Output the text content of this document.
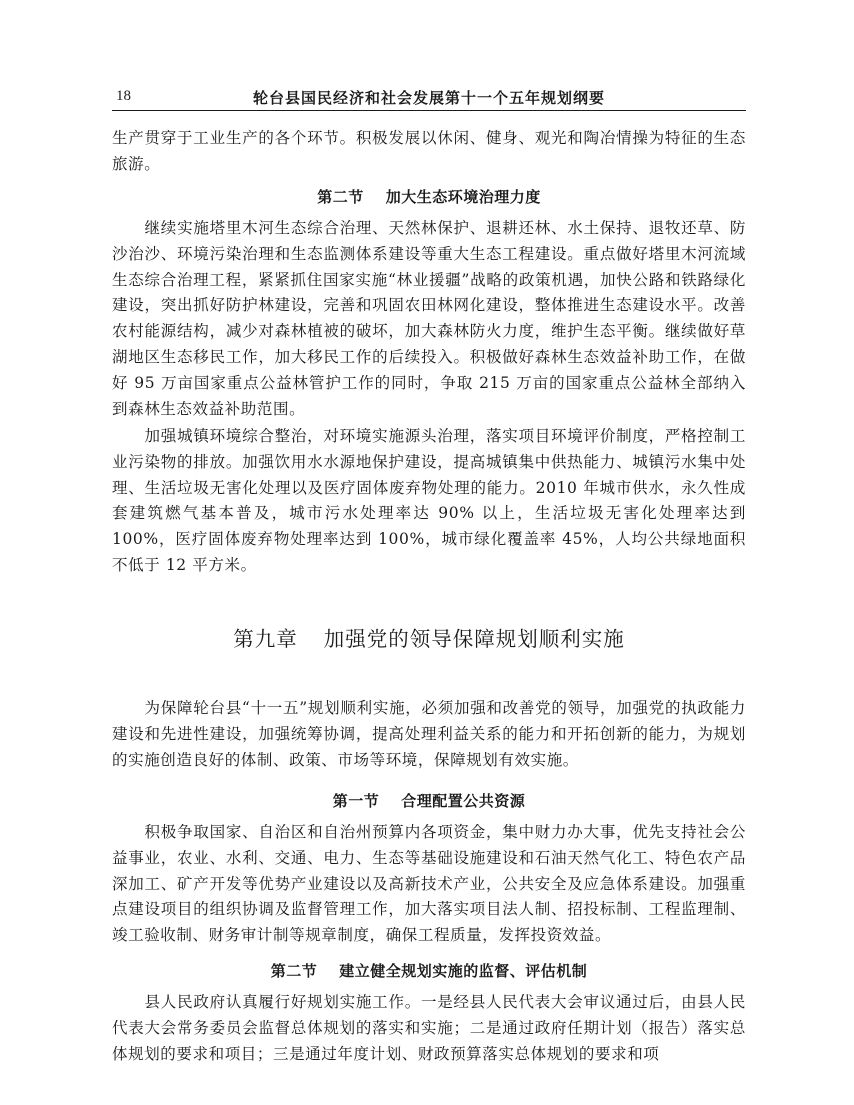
18	轮台县国民经济和社会发展第十一个五年规划纲要
生产贯穿于工业生产的各个环节。积极发展以休闲、健身、观光和陶冶情操为特征的生态旅游。
第二节 加大生态环境治理力度
继续实施塔里木河生态综合治理、天然林保护、退耕还林、水土保持、退牧还草、防沙治沙、环境污染治理和生态监测体系建设等重大生态工程建设。重点做好塔里木河流域生态综合治理工程，紧紧抓住国家实施“林业援疆”战略的政策机遇，加快公路和铁路绿化建设，突出抓好防护林建设，完善和巩固农田林网化建设，整体推进生态建设水平。改善农村能源结构，减少对森林植被的破坏，加大森林防火力度，维护生态平衡。继续做好草湖地区生态移民工作，加大移民工作的后续投入。积极做好森林生态效益补助工作，在做好 95 万亩国家重点公益林管护工作的同时，争取 215 万亩的国家重点公益林全部纳入到森林生态效益补助范围。
加强城镇环境综合整治，对环境实施源头治理，落实项目环境评价制度，严格控制工业污染物的排放。加强饮用水水源地保护建设，提高城镇集中供热能力、城镇污水集中处理、生活垃圾无害化处理以及医疗固体废弃物处理的能力。2010 年城市供水，永久性成套建筑燃气基本普及，城市污水处理率达 90% 以上，生活垃圾无害化处理率达到 100%，医疗固体废弃物处理率达到 100%，城市绿化覆盖率 45%，人均公共绿地面积不低于 12 平方米。
第九章 加强党的领导保障规划顺利实施
为保障轮台县“十一五”规划顺利实施，必须加强和改善党的领导，加强党的执政能力建设和先进性建设，加强统筹协调，提高处理利益关系的能力和开拓创新的能力，为规划的实施创造良好的体制、政策、市场等环境，保障规划有效实施。
第一节 合理配置公共资源
积极争取国家、自治区和自治州预算内各项资金，集中财力办大事，优先支持社会公益事业，农业、水利、交通、电力、生态等基础设施建设和石油天然气化工、特色农产品深加工、矿产开发等优势产业建设以及高新技术产业，公共安全及应急体系建设。加强重点建设项目的组织协调及监督管理工作，加大落实项目法人制、招投标制、工程监理制、竣工验收制、财务审计制等规章制度，确保工程质量，发挥投资效益。
第二节 建立健全规划实施的监督、评估机制
县人民政府认真履行好规划实施工作。一是经县人民代表大会审议通过后，由县人民代表大会常务委员会监督总体规划的落实和实施；二是通过政府任期计划（报告）落实总体规划的要求和项目；三是通过年度计划、财政预算落实总体规划的要求和项
